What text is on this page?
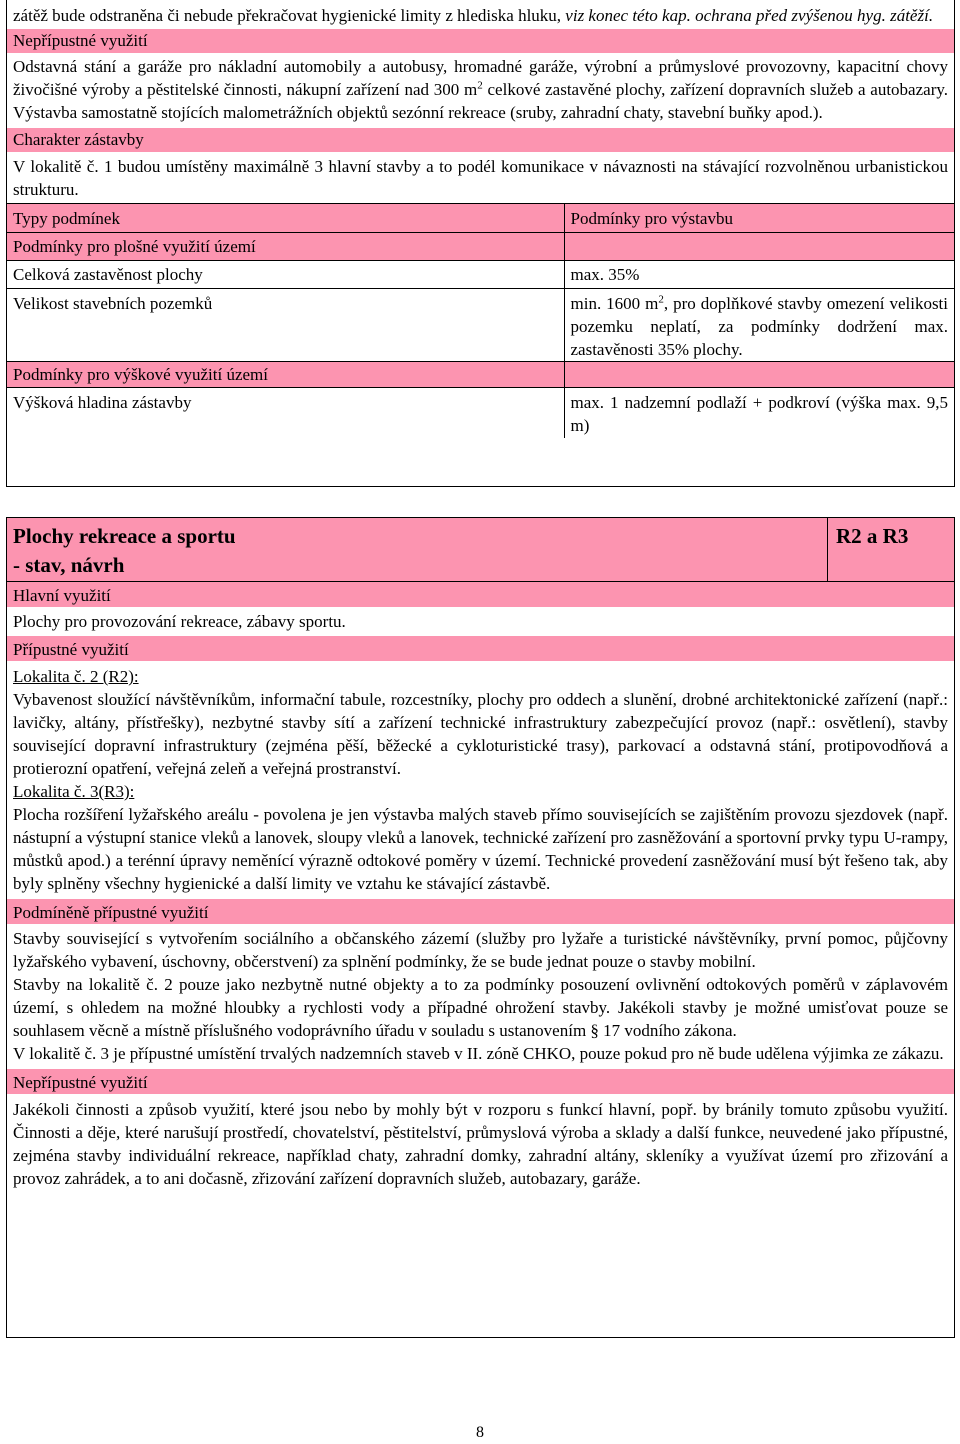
zátěž bude odstraněna či nebude překračovat hygienické limity z hlediska hluku, viz konec této kap. ochrana před zvýšenou hyg. zátěží.

Nepřípustné využití

Odstavná stání a garáže pro nákladní automobily a autobusy, hromadné garáže, výrobní a průmyslové provozovny, kapacitní chovy živočišné výroby a pěstitelské činnosti, nákupní zařízení nad 300 $m^2$ celkové zastavěné plochy, zařízení dopravních služeb a autobazary. Výstavba samostatně stojících malometrážních objektů sezónní rekreace (sruby, zahradní chaty, stavební buňky apod.).

Charakter zástavby

V lokalitě č. 1 budou umístěny maximálně 3 hlavní stavby a to podél komunikace v návaznosti na stávající rozvolněnou urbanistickou strukturu.

Typy podmínek	Podmínky pro výstavbu
Podmínky pro plošné využití území	
Celková zastavěnost plochy	max. 35%
Velikost stavebních pozemků	min. 1600 $m^2$, pro doplňkové stavby omezení velikosti pozemku neplatí, za podmínky dodržení max. zastavěnosti 35% plochy.

Podmínky pro výškové využití území	
Výšková hladina zástavby	max. 1 nadzemní podlaží + podkroví (výška max. 9,5 m)

Plochy rekreace a sportu
- stav, návrh
R2 a R3
Hlavní využití

Plochy pro provozování rekreace, zábavy sportu.

Přípustné využití

Lokalita č. 2 (R2):

Vybavenost sloužící návštěvníkům, informační tabule, rozcestníky, plochy pro oddech a slunění, drobné architektonické zařízení (např.: lavičky, altány, přístřešky), nezbytné stavby sítí a zařízení technické infrastruktury zabezpečující provoz (např.: osvětlení), stavby související dopravní infrastruktury (zejména pěší, běžecké a cykloturistické trasy), parkovací a odstavná stání, protipovodňová a protierozní opatření, veřejná zeleň a veřejná prostranství.

Lokalita č. 3(R3):

Plocha rozšíření lyžařského areálu - povolena je jen výstavba malých staveb přímo souvisejících se zajištěním provozu sjezdovek (např. nástupní a výstupní stanice vleků a lanovek, sloupy vleků a lanovek, technické zařízení pro zasněžování a sportovní prvky typu U-rampy, můstků apod.) a terénní úpravy neměnící výrazně odtokové poměry v území. Technické provedení zasněžování musí být řešeno tak, aby byly splněny všechny hygienické a další limity ve vztahu ke stávající zástavbě.

Podmíněně přípustné využití

Stavby související s vytvořením sociálního a občanského zázemí (služby pro lyžaře a turistické návštěvníky, první pomoc, půjčovny lyžařského vybavení, úschovny, občerstvení) za splnění podmínky, že se bude jednat pouze o stavby mobilní.

Stavby na lokalitě č. 2 pouze jako nezbytně nutné objekty a to za podmínky posouzení ovlivnění odtokových poměrů v záplavovém území, s ohledem na možné hloubky a rychlosti vody a případné ohrožení stavby. Jakékoli stavby je možné umisťovat pouze se souhlasem věcně a místně příslušného vodoprávního úřadu v souladu s ustanovením § 17 vodního zákona.

V lokalitě č. 3 je přípustné umístění trvalých nadzemních staveb v II. zóně CHKO, pouze pokud pro ně bude udělena výjimka ze zákazu.

Nepřípustné využití

Jakékoli činnosti a způsob využití, které jsou nebo by mohly být v rozporu s funkcí hlavní, popř. by bránily tomuto způsobu využití. Činnosti a děje, které narušují prostředí, chovatelství, pěstitelství, průmyslová výroba a sklady a další funkce, neuvedené jako přípustné, zejména stavby individuální rekreace, například chaty, zahradní domky, zahradní altány, skleníky a využívat území pro zřizování a provoz zahrádek, a to ani dočasně, zřizování zařízení dopravních služeb, autobazary, garáže.

8
